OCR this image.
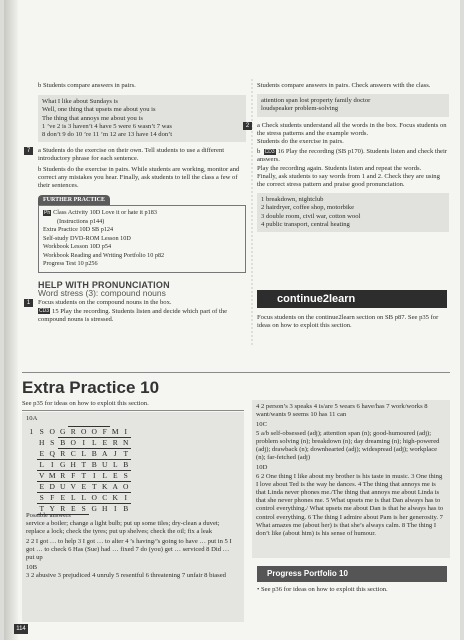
b Students compare answers in pairs.
What I like about Sundays is
Well, one thing that upsets me about you is
The thing that annoys me about you is
1 ’ve 2 is 3 haven’t 4 have 5 were 6 wasn’t 7 was
8 don’t 9 do 10 ’re 11 ’m 12 are 13 have 14 don’t
7	a Students do the exercise on their own. Tell students to use a different introductory phrase for each sentence.
b Students do the exercise in pairs. While students are working, monitor and correct any mistakes you hear. Finally, ask students to tell the class a few of their sentences.
FURTHER PRACTICE
Ph Class Activity 10D Love it or hate it p183
(Instructions p144)
Extra Practice 10D SB p124
Self-study DVD-ROM Lesson 10D
Workbook Lesson 10D p54
Workbook Reading and Writing Portfolio 10 p82
Progress Test 10 p256
HELP WITH PRONUNCIATION
Word stress (3): compound nouns
1	Focus students on the compound nouns in the box.
CD3 15 Play the recording. Students listen and decide which part of the compound nouns is stressed.
Students compare answers in pairs. Check answers with the class.
attention span lost property family doctor
loudspeaker problem-solving
2	a Check students understand all the words in the box. Focus students on the stress patterns and the example words.
Students do the exercise in pairs.
b CD3 16 Play the recording (SB p170). Students listen and check their answers.
Play the recording again. Students listen and repeat the words.
Finally, ask students to say words from 1 and 2. Check they are using the correct stress pattern and praise good pronunciation.
1 breakdown, nightclub
2 hairdryer, coffee shop, motorbike
3 double room, civil war, cotton wool
4 public transport, central heating
continue2learn
Focus students on the continue2learn section on SB p87. See p35 for ideas on how to exploit this section.
Extra Practice 10
See p35 for ideas on how to exploit this section.
10A
1	S	O	G	R	O	O	F	M	I
	H	S	B	O	I	L	E	R	N
	E	Q	R	C	L	B	A	J	T
	L	I	G	H	T	B	U	L	B
	V	M	R	F	T	I	L	E	S
	E	D	U	V	E	T	K	A	O
	S	F	E	L	L	O	C	K	I
	T	Y	R	E	S	G	H	I	B
Possible answers
service a boiler; change a light bulb; put up some tiles; dry-clean a duvet; replace a lock; check the tyres; put up shelves; check the oil; fix a leak
2 2 I got … to help 3 I got … to alter 4 ’s having/’s going to have … put in 5 I got … to check 6 Has (Sue) had … fixed 7 do (you) get … serviced 8 Did … put up
10B
3 2 abusive 3 prejudiced 4 unruly 5 resentful 6 threatening 7 unfair 8 biased
4 2 person’s 3 speaks 4 is/are 5 wears 6 have/has 7 work/works 8 want/wants 9 seems 10 has 11 can
10C
5 a/b self-obsessed (adj); attention span (n); good-humoured (adj); problem solving (n); breakdown (n); day dreaming (n); high-powered (adj); drawback (n); downhearted (adj); widespread (adj); workplace (n); far-fetched (adj)
10D
6 2 One thing I like about my brother is his taste in music. 3 One thing I love about Ted is the way he dances. 4 The thing that annoys me is that Linda never phones me./The thing that annoys me about Linda is that she never phones me. 5 What upsets me is that Dan always has to control everything./ What upsets me about Dan is that he always has to control everything. 6 The thing I admire about Pam is her generosity. 7 What amazes me (about her) is that she’s always calm. 8 The thing I don’t like (about him) is his sense of humour.
Progress Portfolio 10
• See p36 for ideas on how to exploit this section.
114
